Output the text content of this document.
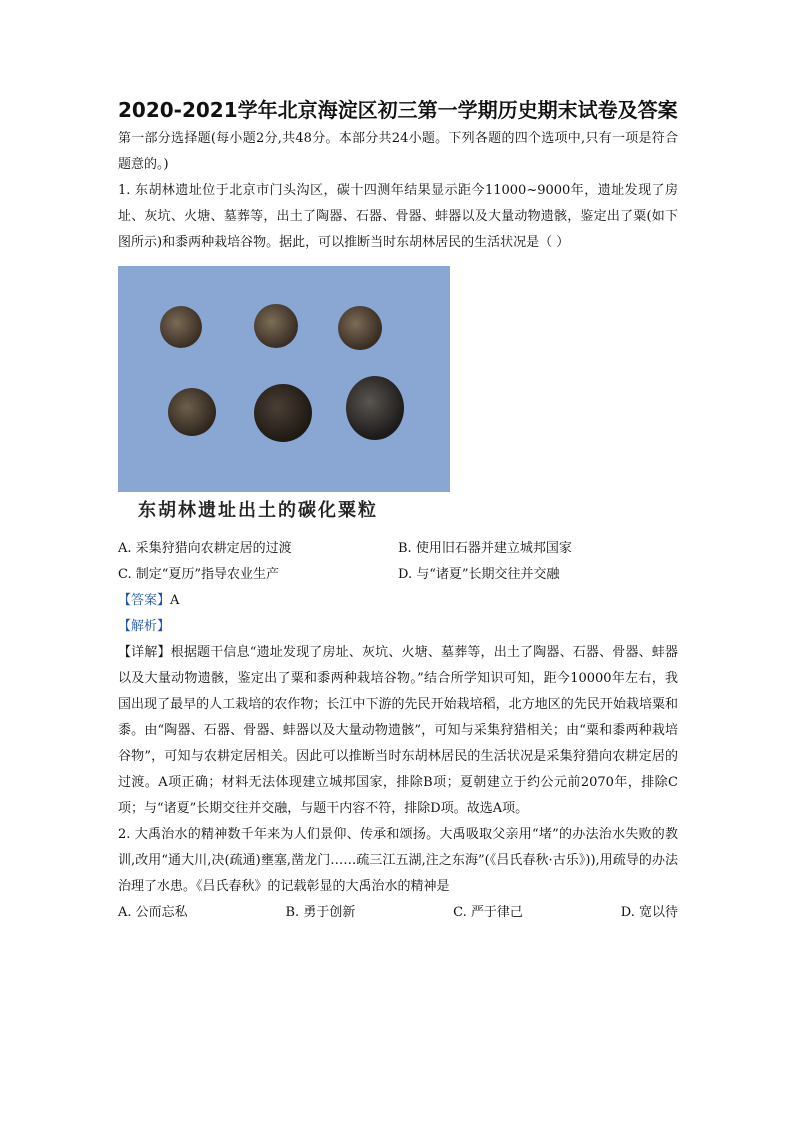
2020-2021学年北京海淀区初三第一学期历史期末试卷及答案

第一部分选择题(每小题2分,共48分。本部分共24小题。下列各题的四个选项中,只有一项是符合题意的。)

1. 东胡林遗址位于北京市门头沟区，碳十四测年结果显示距今11000~9000年，遗址发现了房址、灰坑、火塘、墓葬等，出土了陶器、石器、骨器、蚌器以及大量动物遗骸，鉴定出了粟(如下图所示)和黍两种栽培谷物。据此，可以推断当时东胡林居民的生活状况是（ ）

东胡林遗址出土的碳化粟粒
A. 采集狩猎向农耕定居的过渡	B. 使用旧石器并建立城邦国家
C. 制定“夏历”指导农业生产	D. 与“诸夏”长期交往并交融

【答案】A

【解析】

【详解】根据题干信息“遗址发现了房址、灰坑、火塘、墓葬等，出土了陶器、石器、骨器、蚌器以及大量动物遗骸，鉴定出了粟和黍两种栽培谷物。”结合所学知识可知，距今10000年左右，我国出现了最早的人工栽培的农作物；长江中下游的先民开始栽培稻，北方地区的先民开始栽培粟和黍。由“陶器、石器、骨器、蚌器以及大量动物遗骸”，可知与采集狩猎相关；由“粟和黍两种栽培谷物”，可知与农耕定居相关。因此可以推断当时东胡林居民的生活状况是采集狩猎向农耕定居的过渡。A项正确；材料无法体现建立城邦国家，排除B项；夏朝建立于约公元前2070年，排除C项；与“诸夏”长期交往并交融，与题干内容不符，排除D项。故选A项。

2. 大禹治水的精神数千年来为人们景仰、传承和颂扬。大禹吸取父亲用“堵”的办法治水失败的教训,改用“通大川,决(疏通)壅塞,凿龙门……疏三江五湖,注之东海”(《吕氏春秋·古乐》)),用疏导的办法治理了水患。《吕氏春秋》的记载彰显的大禹治水的精神是

A. 公而忘私	B. 勇于创新	C. 严于律己	D. 宽以待
